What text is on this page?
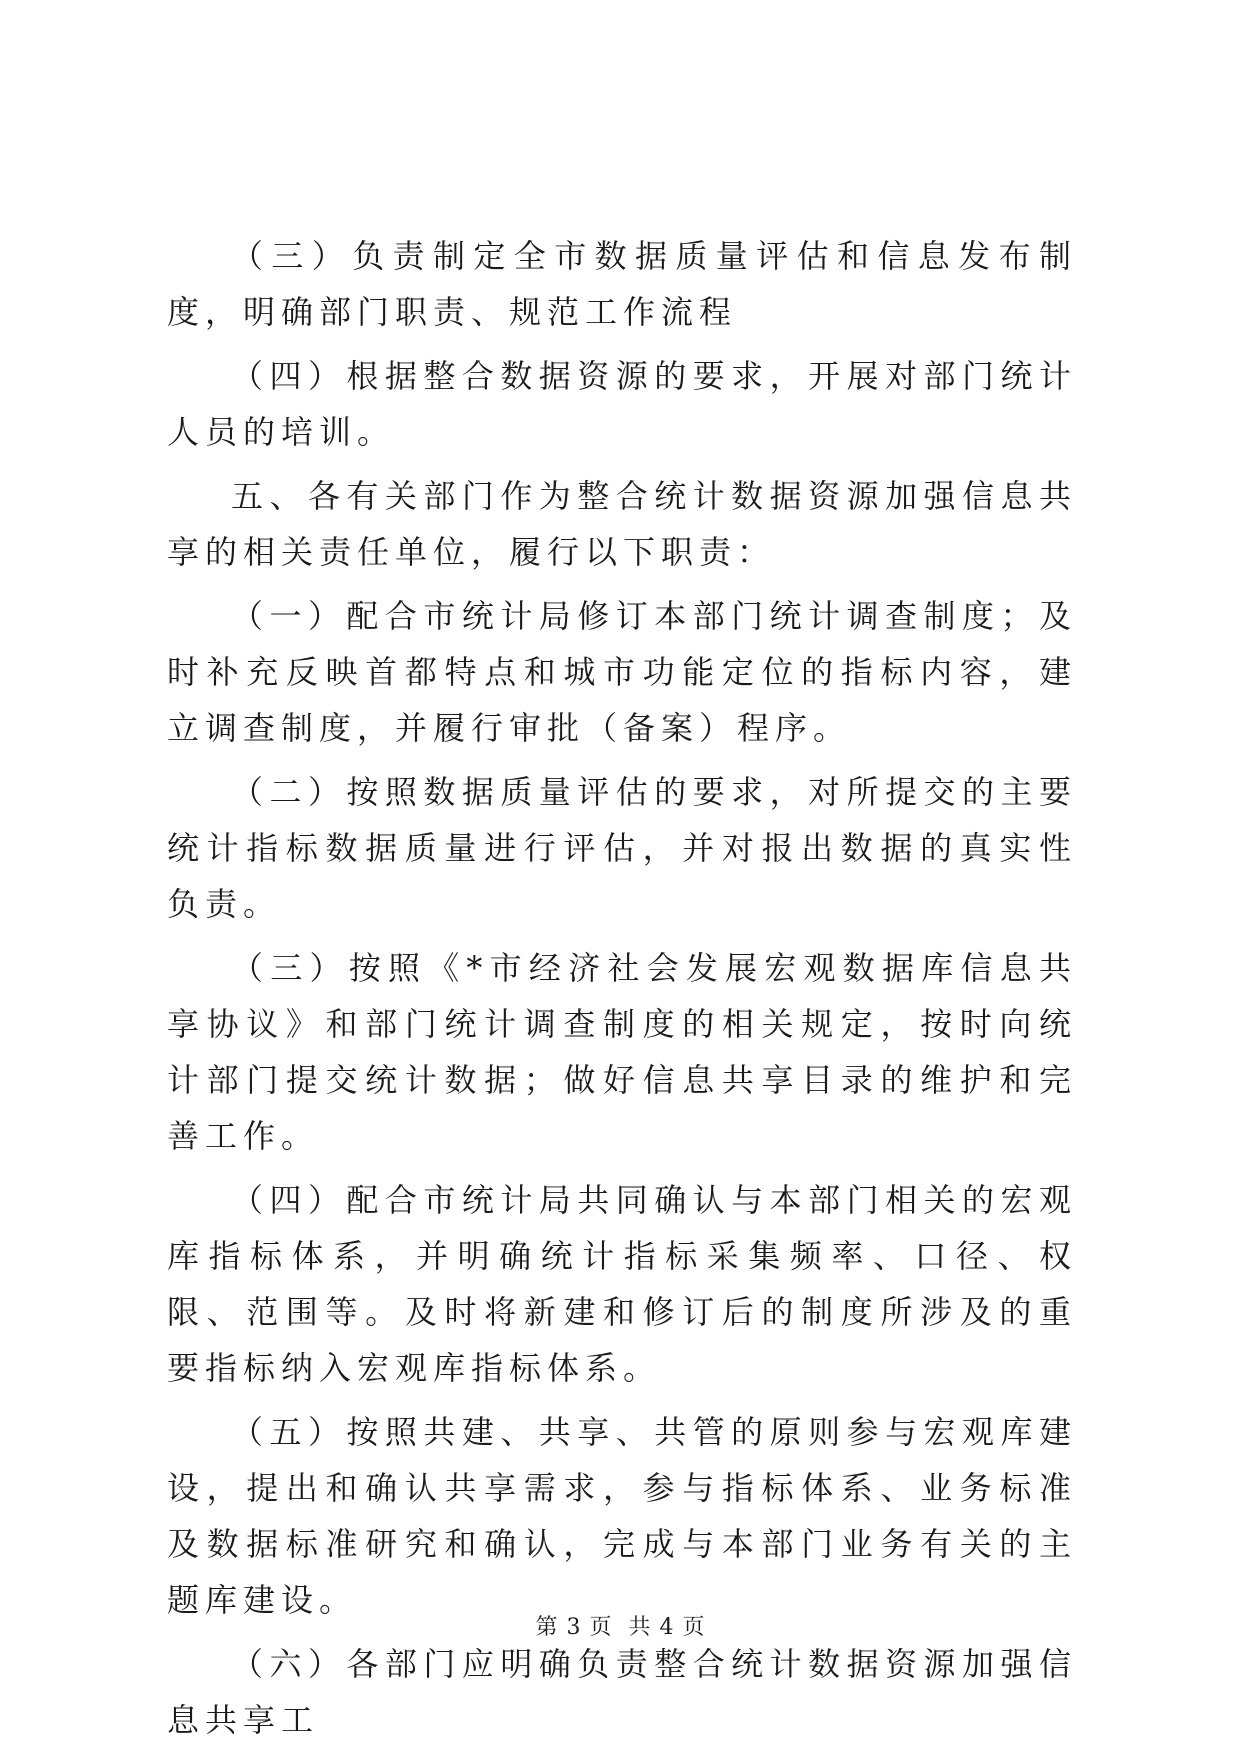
（三）负责制定全市数据质量评估和信息发布制度，明确部门职责、规范工作流程

（四）根据整合数据资源的要求，开展对部门统计人员的培训。

五、各有关部门作为整合统计数据资源加强信息共享的相关责任单位，履行以下职责：

（一）配合市统计局修订本部门统计调查制度；及时补充反映首都特点和城市功能定位的指标内容，建立调查制度，并履行审批（备案）程序。

（二）按照数据质量评估的要求，对所提交的主要统计指标数据质量进行评估，并对报出数据的真实性负责。

（三）按照《*市经济社会发展宏观数据库信息共享协议》和部门统计调查制度的相关规定，按时向统计部门提交统计数据；做好信息共享目录的维护和完善工作。

（四）配合市统计局共同确认与本部门相关的宏观库指标体系，并明确统计指标采集频率、口径、权限、范围等。及时将新建和修订后的制度所涉及的重要指标纳入宏观库指标体系。

（五）按照共建、共享、共管的原则参与宏观库建设，提出和确认共享需求，参与指标体系、业务标准及数据标准研究和确认，完成与本部门业务有关的主题库建设。

（六）各部门应明确负责整合统计数据资源加强信息共享工

第 3 页  共 4 页
